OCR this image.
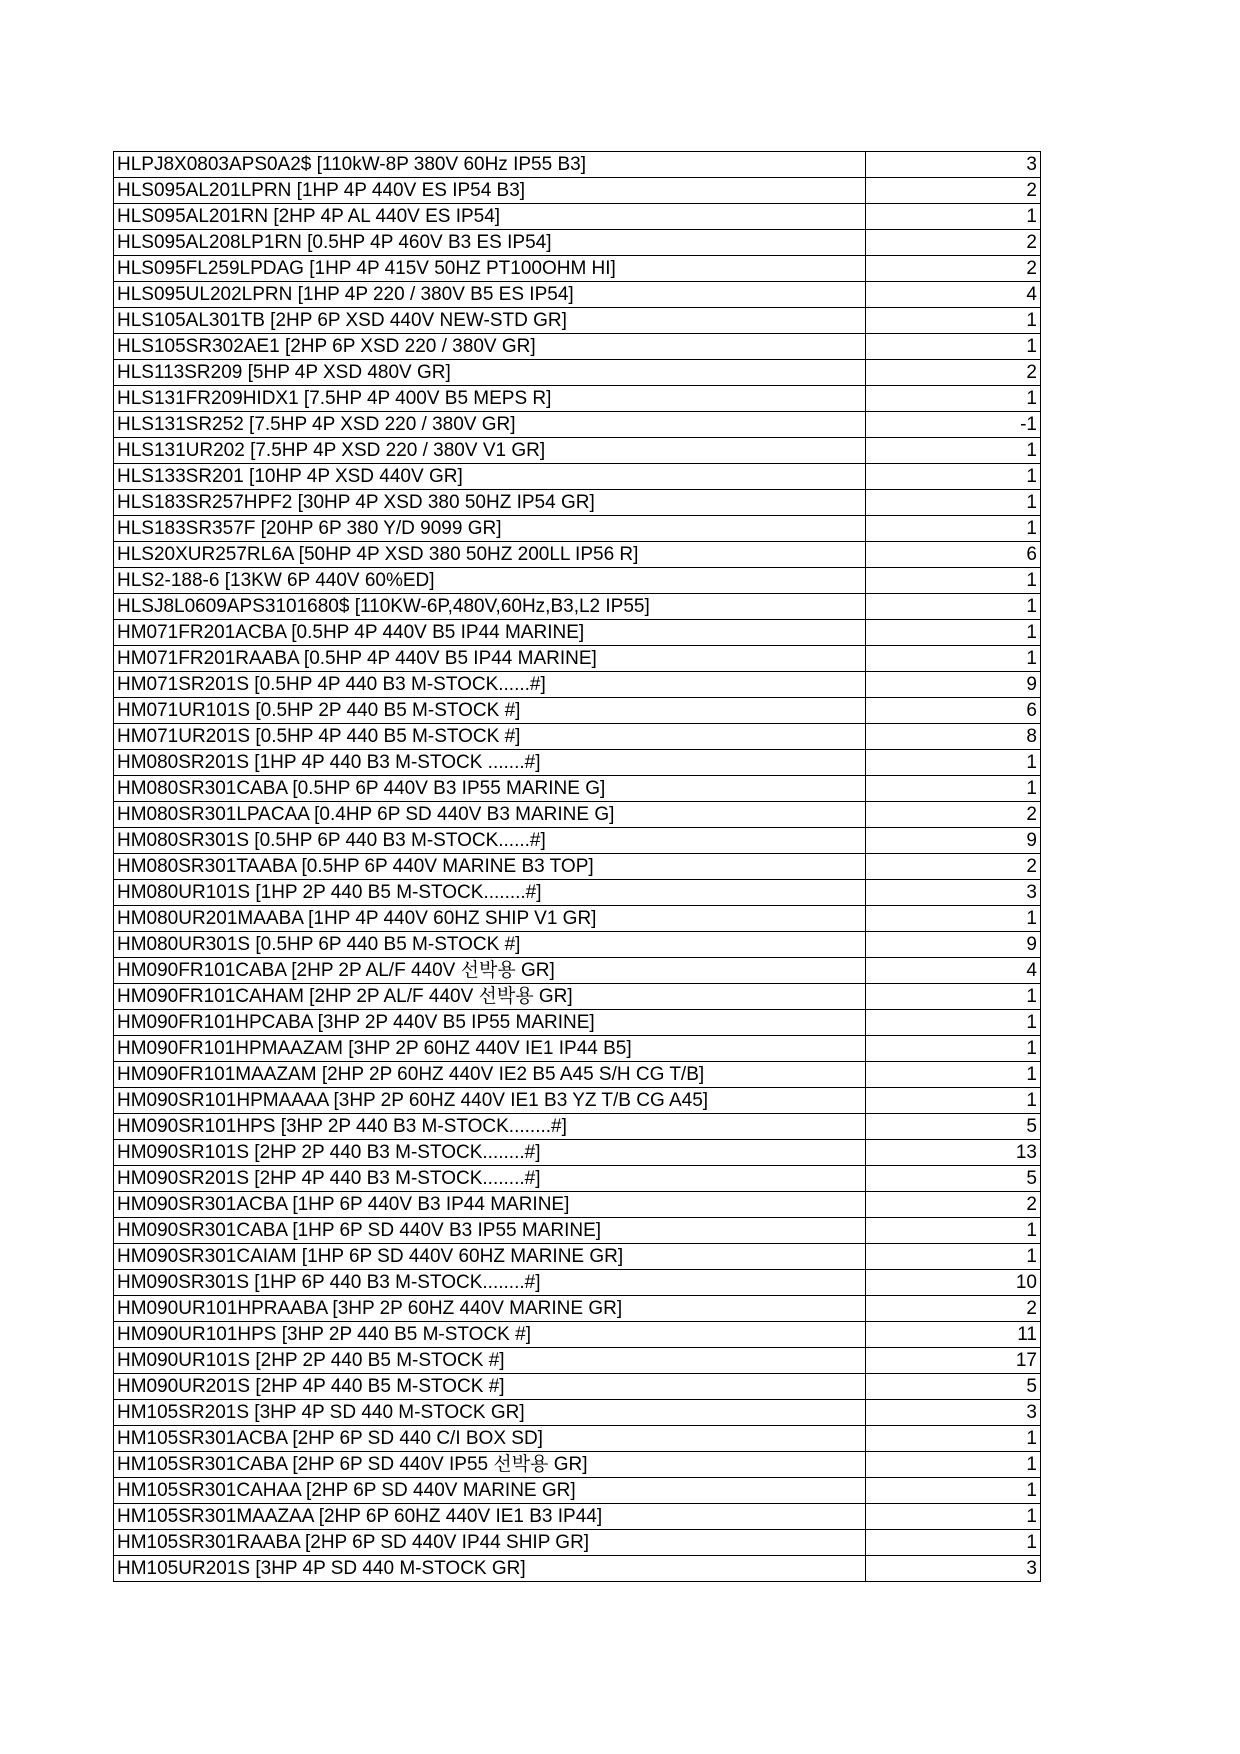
HLPJ8X0803APS0A2$ [110kW-8P 380V 60Hz IP55 B3]	3
HLS095AL201LPRN [1HP 4P 440V ES IP54 B3]	2
HLS095AL201RN [2HP 4P AL 440V ES IP54]	1
HLS095AL208LP1RN [0.5HP 4P 460V B3 ES IP54]	2
HLS095FL259LPDAG [1HP 4P 415V 50HZ PT100OHM HI]	2
HLS095UL202LPRN [1HP 4P 220 / 380V B5 ES IP54]	4
HLS105AL301TB [2HP 6P XSD 440V NEW-STD GR]	1
HLS105SR302AE1 [2HP 6P XSD 220 / 380V GR]	1
HLS113SR209 [5HP 4P XSD 480V GR]	2
HLS131FR209HIDX1 [7.5HP 4P 400V B5 MEPS R]	1
HLS131SR252 [7.5HP 4P XSD 220 / 380V GR]	-1
HLS131UR202 [7.5HP 4P XSD 220 / 380V V1 GR]	1
HLS133SR201 [10HP 4P XSD 440V GR]	1
HLS183SR257HPF2 [30HP 4P XSD 380 50HZ IP54 GR]	1
HLS183SR357F [20HP 6P 380 Y/D 9099 GR]	1
HLS20XUR257RL6A [50HP 4P XSD 380 50HZ 200LL IP56 R]	6
HLS2-188-6 [13KW 6P 440V 60%ED]	1
HLSJ8L0609APS3101680$ [110KW-6P,480V,60Hz,B3,L2 IP55]	1
HM071FR201ACBA [0.5HP 4P 440V B5 IP44 MARINE]	1
HM071FR201RAABA [0.5HP 4P 440V B5 IP44 MARINE]	1
HM071SR201S [0.5HP 4P 440 B3 M-STOCK......#]	9
HM071UR101S [0.5HP 2P 440 B5 M-STOCK #]	6
HM071UR201S [0.5HP 4P 440 B5 M-STOCK #]	8
HM080SR201S [1HP 4P 440 B3 M-STOCK .......#]	1
HM080SR301CABA [0.5HP 6P 440V B3 IP55 MARINE G]	1
HM080SR301LPACAA [0.4HP 6P SD 440V B3 MARINE G]	2
HM080SR301S [0.5HP 6P 440 B3 M-STOCK......#]	9
HM080SR301TAABA [0.5HP 6P 440V MARINE B3 TOP]	2
HM080UR101S [1HP 2P 440 B5 M-STOCK........#]	3
HM080UR201MAABA [1HP 4P 440V 60HZ SHIP V1 GR]	1
HM080UR301S [0.5HP 6P 440 B5 M-STOCK #]	9
HM090FR101CABA [2HP 2P AL/F 440V 선박용 GR]	4
HM090FR101CAHAM [2HP 2P AL/F 440V 선박용 GR]	1
HM090FR101HPCABA [3HP 2P 440V B5 IP55 MARINE]	1
HM090FR101HPMAAZAM [3HP 2P 60HZ 440V IE1 IP44 B5]	1
HM090FR101MAAZAM [2HP 2P 60HZ 440V IE2 B5 A45 S/H CG T/B]	1
HM090SR101HPMAAAA [3HP 2P 60HZ 440V IE1 B3 YZ T/B CG A45]	1
HM090SR101HPS [3HP 2P 440 B3 M-STOCK........#]	5
HM090SR101S [2HP 2P 440 B3 M-STOCK........#]	13
HM090SR201S [2HP 4P 440 B3 M-STOCK........#]	5
HM090SR301ACBA [1HP 6P 440V B3 IP44 MARINE]	2
HM090SR301CABA [1HP 6P SD 440V B3 IP55 MARINE]	1
HM090SR301CAIAM [1HP 6P SD 440V 60HZ MARINE GR]	1
HM090SR301S [1HP 6P 440 B3 M-STOCK........#]	10
HM090UR101HPRAABA [3HP 2P 60HZ 440V MARINE GR]	2
HM090UR101HPS [3HP 2P 440 B5 M-STOCK #]	11
HM090UR101S [2HP 2P 440 B5 M-STOCK #]	17
HM090UR201S [2HP 4P 440 B5 M-STOCK #]	5
HM105SR201S [3HP 4P SD 440 M-STOCK GR]	3
HM105SR301ACBA [2HP 6P SD 440 C/I BOX SD]	1
HM105SR301CABA [2HP 6P SD 440V IP55 선박용 GR]	1
HM105SR301CAHAA [2HP 6P SD 440V MARINE GR]	1
HM105SR301MAAZAA [2HP 6P 60HZ 440V IE1 B3 IP44]	1
HM105SR301RAABA [2HP 6P SD 440V IP44 SHIP GR]	1
HM105UR201S [3HP 4P SD 440 M-STOCK GR]	3
